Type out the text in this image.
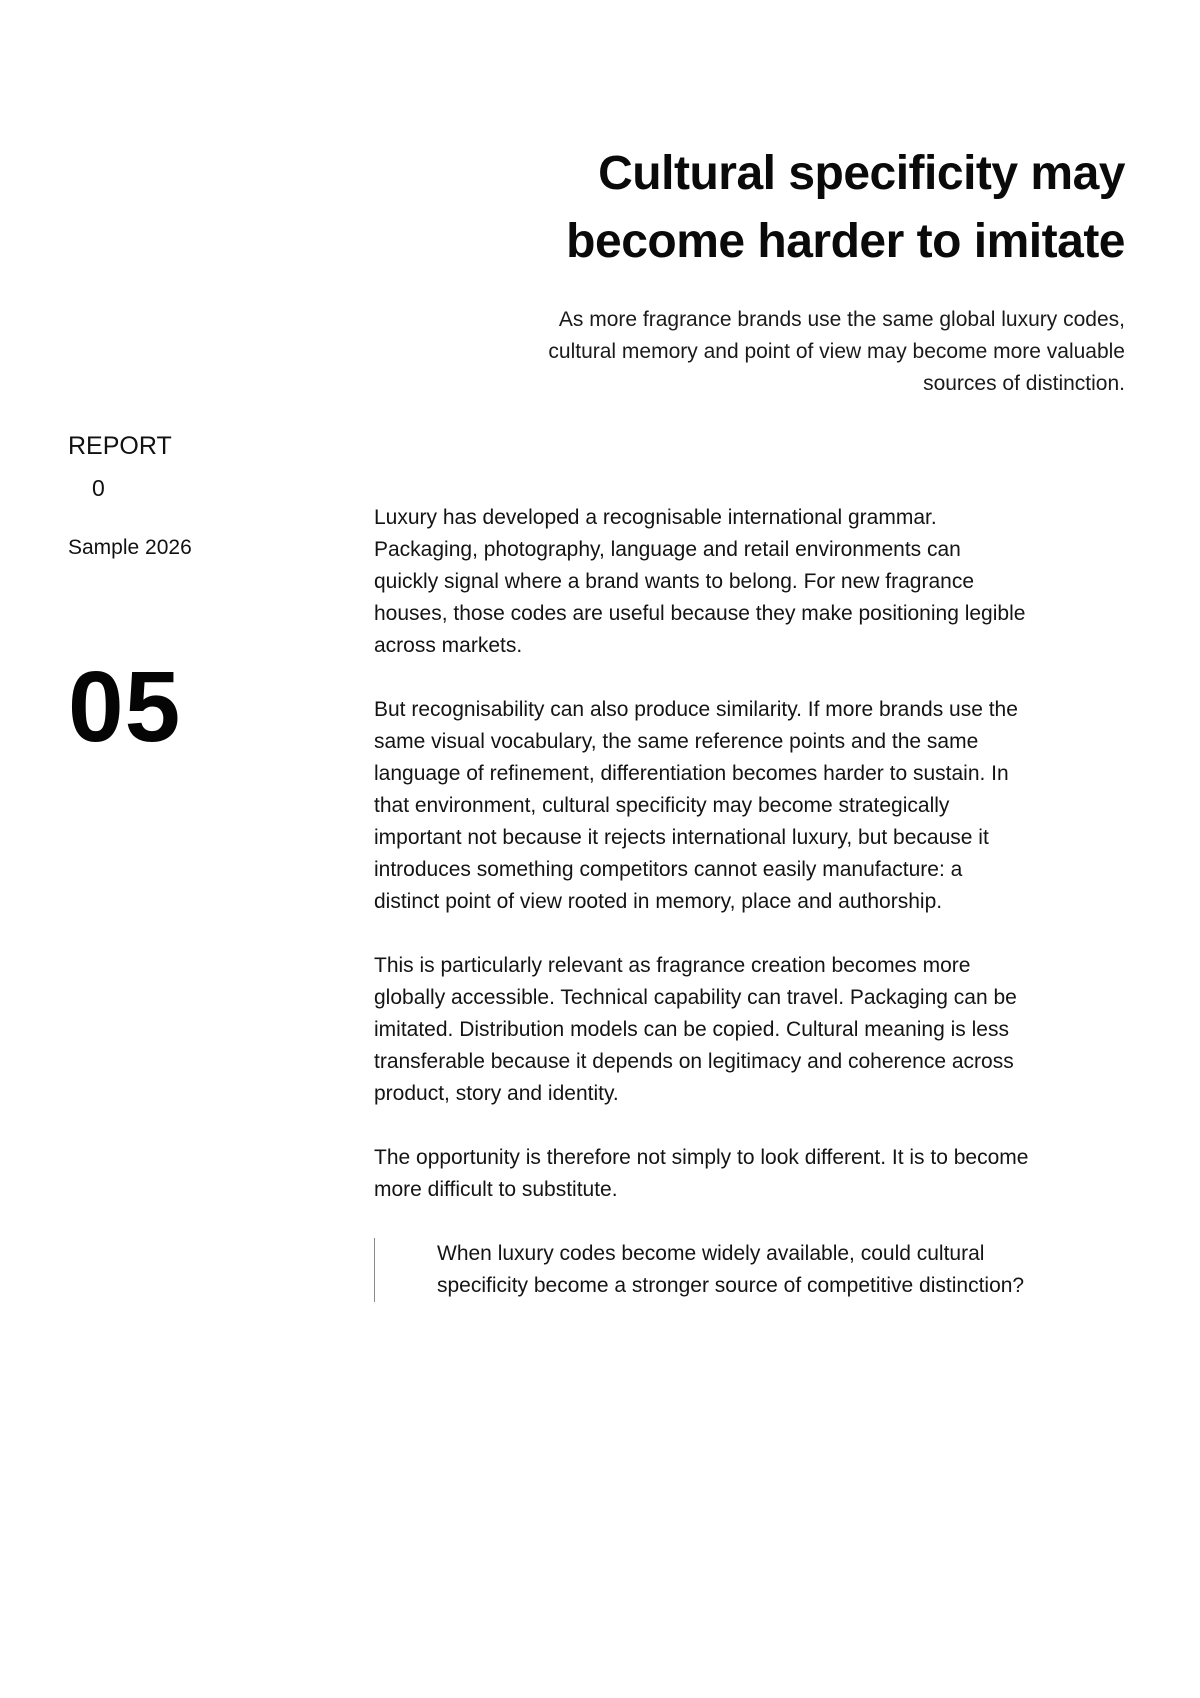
Cultural specificity may
become harder to imitate

As more fragrance brands use the same global luxury codes,
cultural memory and point of view may become more valuable
sources of distinction.

REPORT
0
Sample 2026
05

Luxury has developed a recognisable international grammar.
Packaging, photography, language and retail environments can
quickly signal where a brand wants to belong. For new fragrance
houses, those codes are useful because they make positioning legible
across markets.

But recognisability can also produce similarity. If more brands use the
same visual vocabulary, the same reference points and the same
language of refinement, differentiation becomes harder to sustain. In
that environment, cultural specificity may become strategically
important not because it rejects international luxury, but because it
introduces something competitors cannot easily manufacture: a
distinct point of view rooted in memory, place and authorship.

This is particularly relevant as fragrance creation becomes more
globally accessible. Technical capability can travel. Packaging can be
imitated. Distribution models can be copied. Cultural meaning is less
transferable because it depends on legitimacy and coherence across
product, story and identity.

The opportunity is therefore not simply to look different. It is to become
more difficult to substitute.

When luxury codes become widely available, could cultural
specificity become a stronger source of competitive distinction?
